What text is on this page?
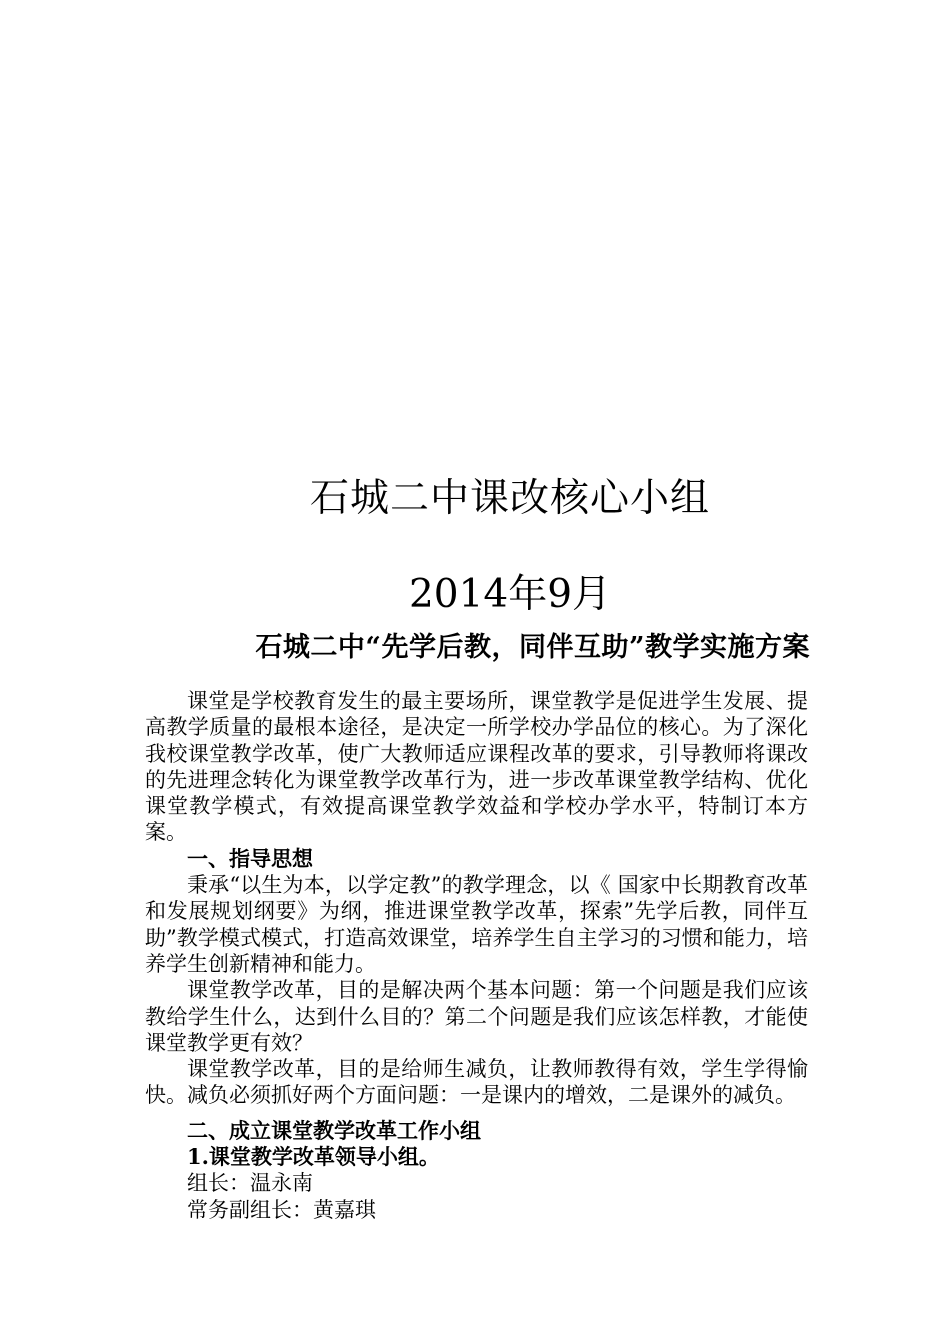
石城二中课改核心小组
2014年9月
石城二中“先学后教，同伴互助”教学实施方案

课堂是学校教育发生的最主要场所，课堂教学是促进学生发展、提高教学质量的最根本途径，是决定一所学校办学品位的核心。为了深化我校课堂教学改革，使广大教师适应课程改革的要求，引导教师将课改的先进理念转化为课堂教学改革行为，进一步改革课堂教学结构、优化课堂教学模式，有效提高课堂教学效益和学校办学水平，特制订本方案。

一、指导思想

秉承“以生为本，以学定教”的教学理念，以《 国家中长期教育改革和发展规划纲要》为纲，推进课堂教学改革，探索”先学后教，同伴互助”教学模式模式，打造高效课堂，培养学生自主学习的习惯和能力，培养学生创新精神和能力。

课堂教学改革，目的是解决两个基本问题：第一个问题是我们应该教给学生什么，达到什么目的？第二个问题是我们应该怎样教，才能使课堂教学更有效？

课堂教学改革，目的是给师生减负，让教师教得有效，学生学得愉快。减负必须抓好两个方面问题：一是课内的增效，二是课外的减负。

二、成立课堂教学改革工作小组

1.课堂教学改革领导小组。

组长：温永南

常务副组长：黄嘉琪
